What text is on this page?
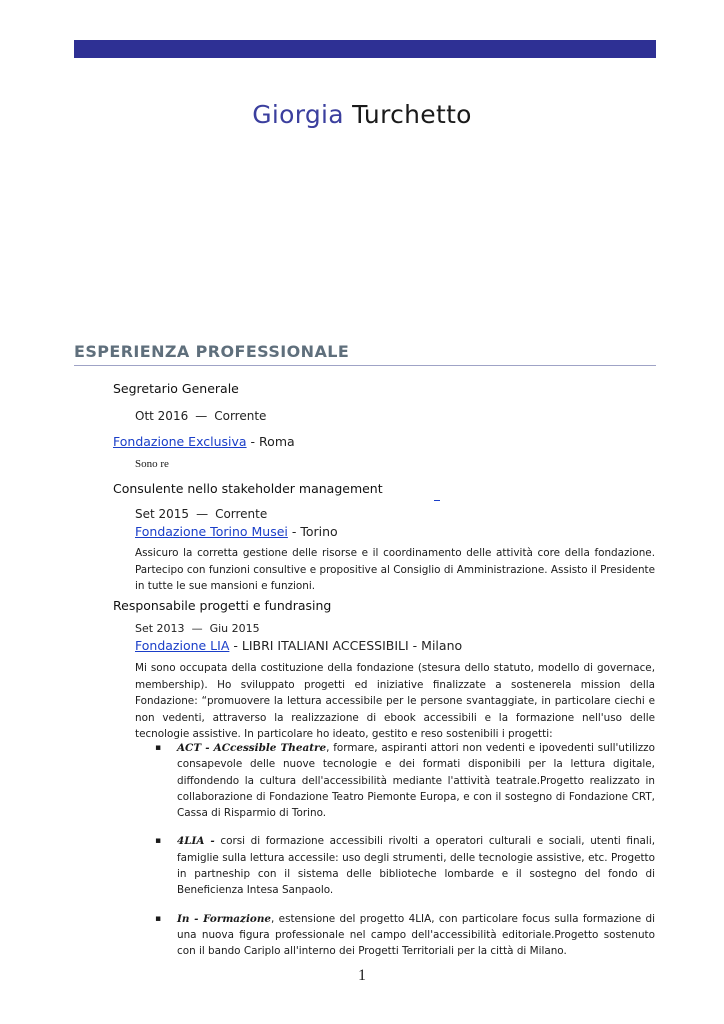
Giorgia Turchetto
ESPERIENZA PROFESSIONALE
Segretario Generale
Ott 2016 — Corrente
Fondazione Exclusiva - Roma
Sono re
Consulente nello stakeholder management
Set 2015 — Corrente
Fondazione Torino Musei - Torino
Assicuro la corretta gestione delle risorse e il coordinamento delle attività core della fondazione. Partecipo con funzioni consultive e propositive al Consiglio di Amministrazione. Assisto il Presidente in tutte le sue mansioni e funzioni.
Responsabile progetti e fundrasing
Set 2013 — Giu 2015
Fondazione LIA - LIBRI ITALIANI ACCESSIBILI - Milano
Mi sono occupata della costituzione della fondazione (stesura dello statuto, modello di governace, membership). Ho sviluppato progetti ed iniziative finalizzate a sostenerela mission della Fondazione: “promuovere la lettura accessibile per le persone svantaggiate, in particolare ciechi e non vedenti, attraverso la realizzazione di ebook accessibili e la formazione nell'uso delle tecnologie assistive. In particolare ho ideato, gestito e reso sostenibili i progetti:
▪ ACT - ACcessible Theatre, formare, aspiranti attori non vedenti e ipovedenti sull'utilizzo consapevole delle nuove tecnologie e dei formati disponibili per la lettura digitale, diffondendo la cultura dell'accessibilità mediante l'attività teatrale.Progetto realizzato in collaborazione di Fondazione Teatro Piemonte Europa, e con il sostegno di Fondazione CRT, Cassa di Risparmio di Torino.
▪ 4LIA - corsi di formazione accessibili rivolti a operatori culturali e sociali, utenti finali, famiglie sulla lettura accessile: uso degli strumenti, delle tecnologie assistive, etc. Progetto in partneship con il sistema delle biblioteche lombarde e il sostegno del fondo di Beneficienza Intesa Sanpaolo.
▪ In - Formazione, estensione del progetto 4LIA, con particolare focus sulla formazione di una nuova figura professionale nel campo dell'accessibilità editoriale.Progetto sostenuto con il bando Cariplo all'interno dei Progetti Territoriali per la città di Milano.
1
